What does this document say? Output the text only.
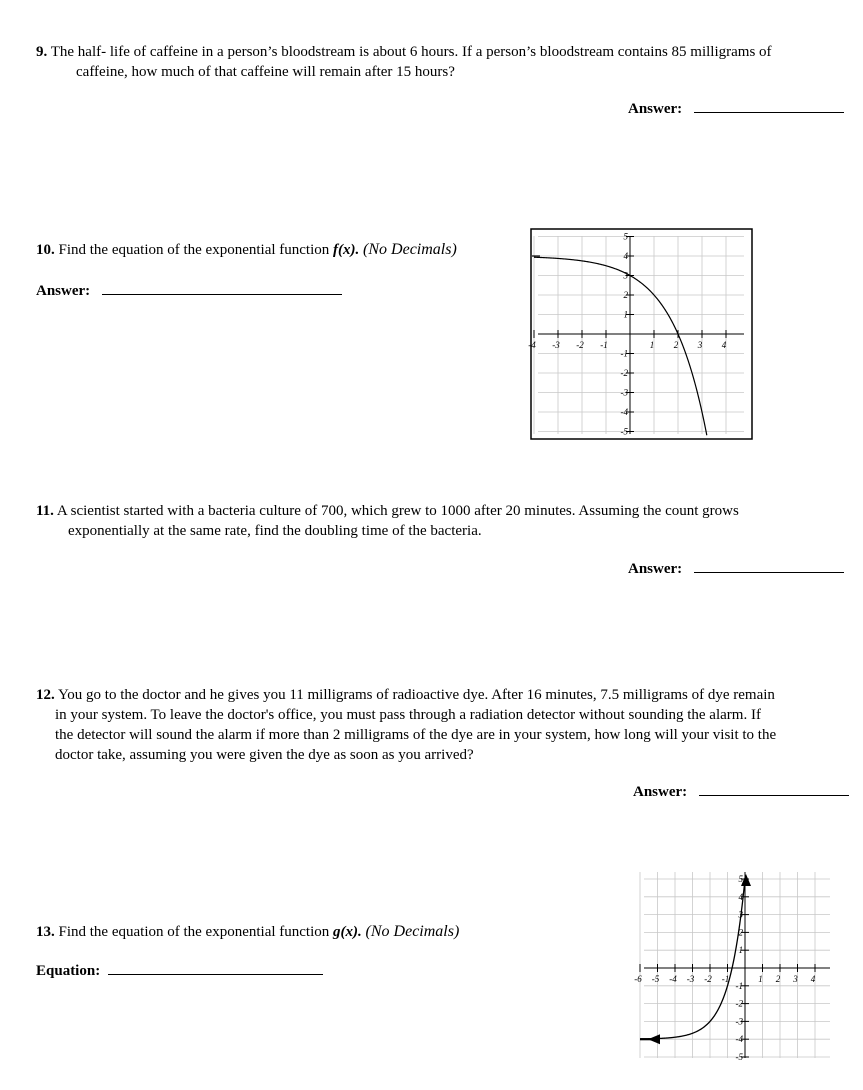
9. The half- life of caffeine in a person’s bloodstream is about 6 hours. If a person’s bloodstream contains 85 milligrams of
caffeine, how much of that caffeine will remain after 15 hours?
Answer:
10. Find the equation of the exponential function f(x). (No Decimals)
Answer:
-4 -3 -2 -1	1 2 3 4
5
4
3
2
1
-1
-2
-3
-4
-5
11. A scientist started with a bacteria culture of 700, which grew to 1000 after 20 minutes. Assuming the count grows
exponentially at the same rate, find the doubling time of the bacteria.
Answer:
12. You go to the doctor and he gives you 11 milligrams of radioactive dye. After 16 minutes, 7.5 milligrams of dye remain
in your system. To leave the doctor's office, you must pass through a radiation detector without sounding the alarm. If
the detector will sound the alarm if more than 2 milligrams of the dye are in your system, how long will your visit to the
doctor take, assuming you were given the dye as soon as you arrived?
Answer:
13. Find the equation of the exponential function g(x). (No Decimals)
Equation:	-6 -5 -4 -3 -2 -1	1 2 3 4
5
4
3
2
1
-1
-2
-3
-4
-5
